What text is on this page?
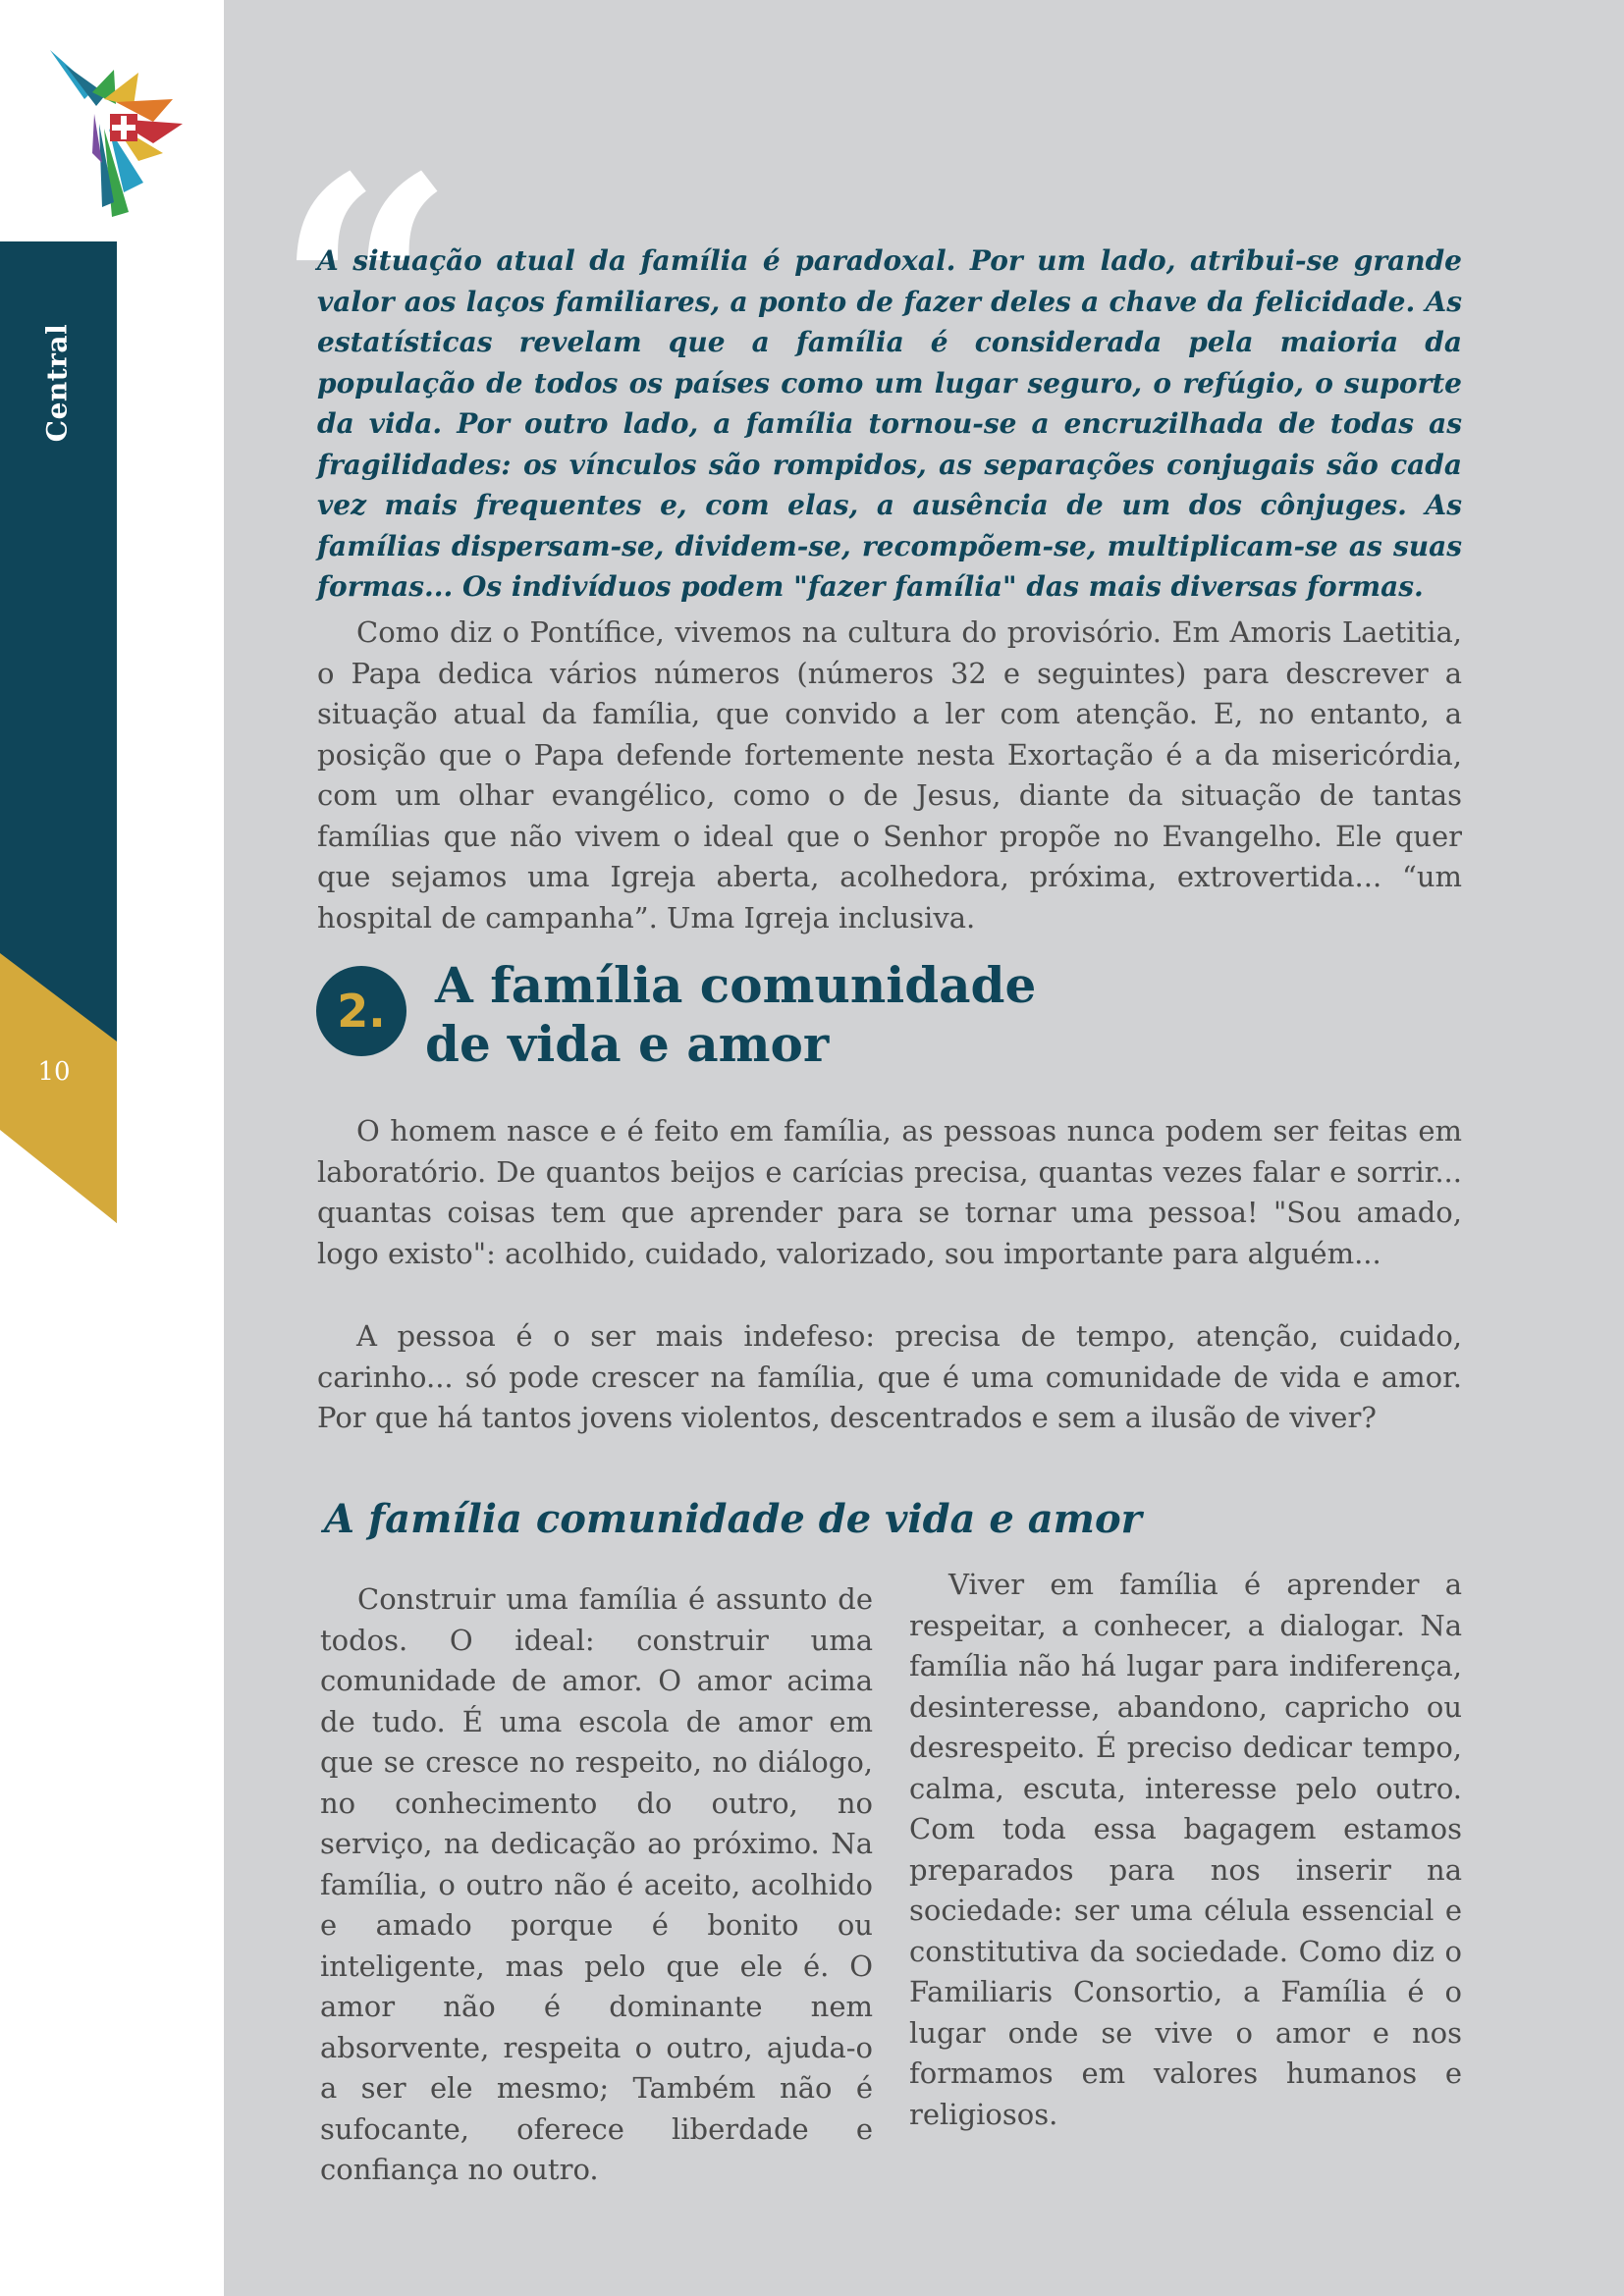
Central
10
“

A situação atual da família é paradoxal. Por um lado, atribui-se grande valor aos laços familiares, a ponto de fazer deles a chave da felicidade. As estatísticas revelam que a família é considerada pela maioria da população de todos os países como um lugar seguro, o refúgio, o suporte da vida. Por outro lado, a família tornou-se a encruzilhada de todas as fragilidades: os vínculos são rompidos, as separações conjugais são cada vez mais frequentes e, com elas, a ausência de um dos cônjuges. As famílias dispersam-se, dividem-se, recompõem-se, multiplicam-se as suas formas... Os indivíduos podem "fazer família" das mais diversas formas.

Como diz o Pontífice, vivemos na cultura do provisório. Em Amoris Laetitia, o Papa dedica vários números (números 32 e seguintes) para descrever a situação atual da família, que convido a ler com atenção. E, no entanto, a posição que o Papa defende fortemente nesta Exortação é a da misericórdia, com um olhar evangélico, como o de Jesus, diante da situação de tantas famílias que não vivem o ideal que o Senhor propõe no Evangelho. Ele quer que sejamos uma Igreja aberta, acolhedora, próxima, extrovertida... “um hospital de campanha”. Uma Igreja inclusiva.

2. A família comunidade
de vida e amor

O homem nasce e é feito em família, as pessoas nunca podem ser feitas em laboratório. De quantos beijos e carícias precisa, quantas vezes falar e sorrir... quantas coisas tem que aprender para se tornar uma pessoa! "Sou amado, logo existo": acolhido, cuidado, valorizado, sou importante para alguém...

A pessoa é o ser mais indefeso: precisa de tempo, atenção, cuidado, carinho... só pode crescer na família, que é uma comunidade de vida e amor. Por que há tantos jovens violentos, descentrados e sem a ilusão de viver?

A família comunidade de vida e amor

Construir uma família é assunto de todos. O ideal: construir uma comunidade de amor. O amor acima de tudo. É uma escola de amor em que se cresce no respeito, no diálogo, no conhecimento do outro, no serviço, na dedicação ao próximo. Na família, o outro não é aceito, acolhido e amado porque é bonito ou inteligente, mas pelo que ele é. O amor não é dominante nem absorvente, respeita o outro, ajuda-o a ser ele mesmo; Também não é sufocante, oferece liberdade e confiança no outro.

Viver em família é aprender a respeitar, a conhecer, a dialogar. Na família não há lugar para indiferença, desinteresse, abandono, capricho ou desrespeito. É preciso dedicar tempo, calma, escuta, interesse pelo outro. Com toda essa bagagem estamos preparados para nos inserir na sociedade: ser uma célula essencial e constitutiva da sociedade. Como diz o Familiaris Consortio, a Família é o lugar onde se vive o amor e nos formamos em valores humanos e religiosos.
